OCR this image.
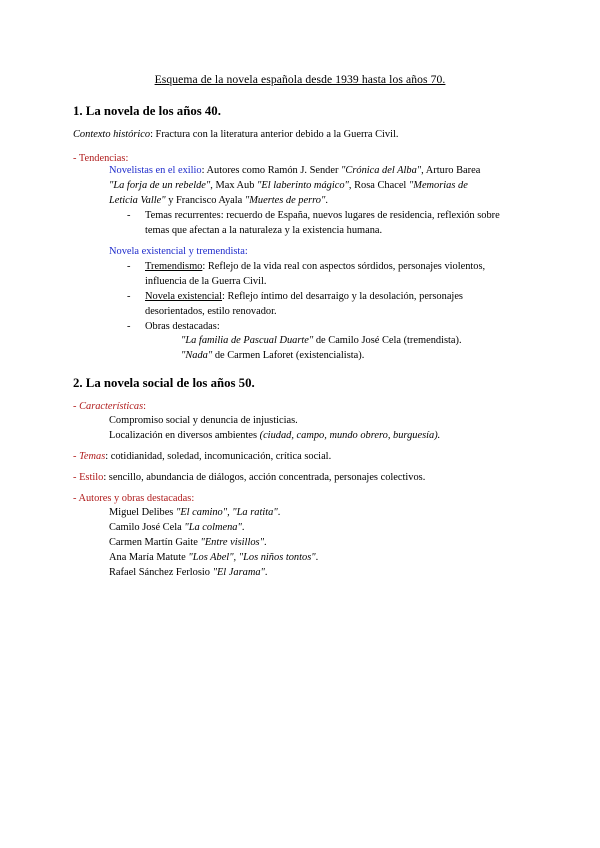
Esquema de la novela española desde 1939 hasta los años 70.
1. La novela de los años 40.
Contexto histórico: Fractura con la literatura anterior debido a la Guerra Civil.
- Tendencias:
Novelistas en el exilio: Autores como Ramón J. Sender "Crónica del Alba", Arturo Barea
"La forja de un rebelde", Max Aub "El laberinto mágico", Rosa Chacel "Memorias de
Leticia Valle" y Francisco Ayala "Muertes de perro".
- Temas recurrentes: recuerdo de España, nuevos lugares de residencia, reflexión sobre
temas que afectan a la naturaleza y la existencia humana.
Novela existencial y tremendista:
- Tremendismo: Reflejo de la vida real con aspectos sórdidos, personajes violentos,
influencia de la Guerra Civil.
- Novela existencial: Reflejo íntimo del desarraigo y la desolación, personajes
desorientados, estilo renovador.
- Obras destacadas:
"La familia de Pascual Duarte" de Camilo José Cela (tremendista).
"Nada" de Carmen Laforet (existencialista).
2. La novela social de los años 50.
- Características:
Compromiso social y denuncia de injusticias.
Localización en diversos ambientes (ciudad, campo, mundo obrero, burguesía).
- Temas: cotidianidad, soledad, incomunicación, crítica social.
- Estilo: sencillo, abundancia de diálogos, acción concentrada, personajes colectivos.
- Autores y obras destacadas:
Miguel Delibes "El camino", "La ratita".
Camilo José Cela "La colmena".
Carmen Martín Gaite "Entre visillos".
Ana María Matute "Los Abel", "Los niños tontos".
Rafael Sánchez Ferlosio "El Jarama".
